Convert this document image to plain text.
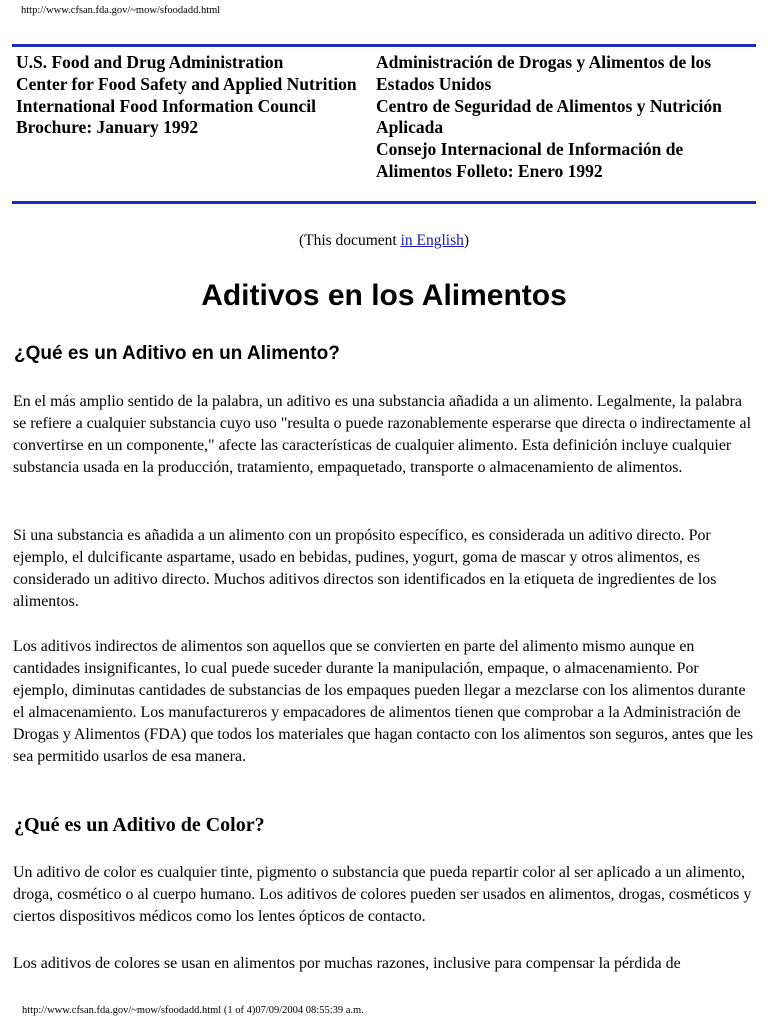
http://www.cfsan.fda.gov/~mow/sfoodadd.html
U.S. Food and Drug Administration
Center for Food Safety and Applied Nutrition
International Food Information Council
Brochure: January 1992
Administración de Drogas y Alimentos de los
Estados Unidos
Centro de Seguridad de Alimentos y Nutrición
Aplicada
Consejo Internacional de Información de
Alimentos Folleto: Enero 1992
(This document in English)
Aditivos en los Alimentos
¿Qué es un Aditivo en un Alimento?

En el más amplio sentido de la palabra, un aditivo es una substancia añadida a un alimento. Legalmente, la palabra se refiere a cualquier substancia cuyo uso "resulta o puede razonablemente esperarse que directa o indirectamente al convertirse en un componente," afecte las características de cualquier alimento. Esta definición incluye cualquier substancia usada en la producción, tratamiento, empaquetado, transporte o almacenamiento de alimentos.

Si una substancia es añadida a un alimento con un propósito específico, es considerada un aditivo directo. Por ejemplo, el dulcificante aspartame, usado en bebidas, pudines, yogurt, goma de mascar y otros alimentos, es considerado un aditivo directo. Muchos aditivos directos son identificados en la etiqueta de ingredientes de los alimentos.

Los aditivos indirectos de alimentos son aquellos que se convierten en parte del alimento mismo aunque en cantidades insignificantes, lo cual puede suceder durante la manipulación, empaque, o almacenamiento. Por ejemplo, diminutas cantidades de substancias de los empaques pueden llegar a mezclarse con los alimentos durante el almacenamiento. Los manufactureros y empacadores de alimentos tienen que comprobar a la Administración de Drogas y Alimentos (FDA) que todos los materiales que hagan contacto con los alimentos son seguros, antes que les sea permitido usarlos de esa manera.

¿Qué es un Aditivo de Color?

Un aditivo de color es cualquier tinte, pigmento o substancia que pueda repartir color al ser aplicado a un alimento, droga, cosmético o al cuerpo humano. Los aditivos de colores pueden ser usados en alimentos, drogas, cosméticos y ciertos dispositivos médicos como los lentes ópticos de contacto.

Los aditivos de colores se usan en alimentos por muchas razones, inclusive para compensar la pérdida de

http://www.cfsan.fda.gov/~mow/sfoodadd.html (1 of 4)07/09/2004 08:55:39 a.m.
